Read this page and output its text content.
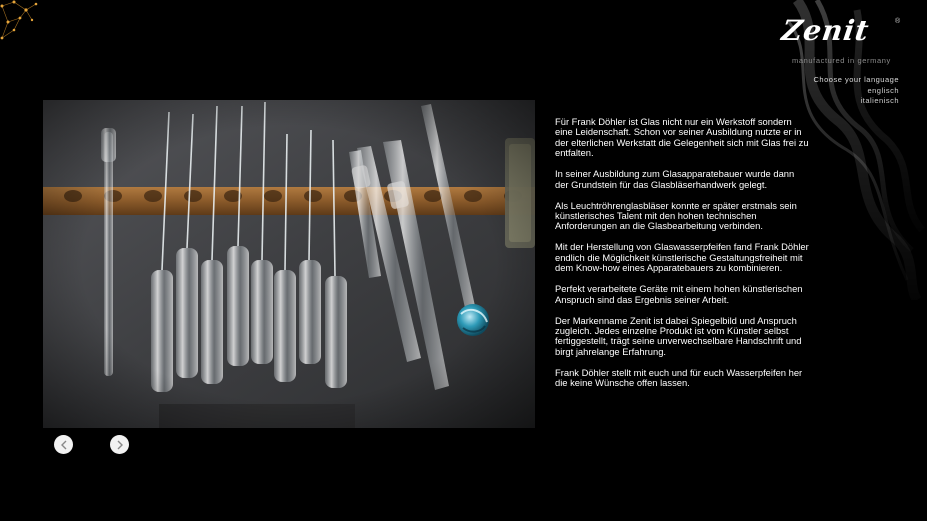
Zenit	®
manufactured in germany
Choose your language
englisch
italienisch

Für Frank Döhler ist Glas nicht nur ein Werkstoff sondern eine Leidenschaft. Schon vor seiner Ausbildung nutzte er in der elterlichen Werkstatt die Gelegenheit sich mit Glas frei zu entfalten.

In seiner Ausbildung zum Glasapparatebauer wurde dann der Grundstein für das Glasbläserhandwerk gelegt.

Als Leuchtröhrenglasbläser konnte er später erstmals sein künstlerisches Talent mit den hohen technischen Anforderungen an die Glasbearbeitung verbinden.

Mit der Herstellung von Glaswasserpfeifen fand Frank Döhler endlich die Möglichkeit künstlerische Gestaltungsfreiheit mit dem Know-how eines Apparatebauers zu kombinieren.

Perfekt verarbeitete Geräte mit einem hohen künstlerischen Anspruch sind das Ergebnis seiner Arbeit.

Der Markenname Zenit ist dabei Spiegelbild und Anspruch zugleich. Jedes einzelne Produkt ist vom Künstler selbst fertiggestellt, trägt seine unverwechselbare Handschrift und birgt jahrelange Erfahrung.

Frank Döhler stellt mit euch und für euch Wasserpfeifen her die keine Wünsche offen lassen.
